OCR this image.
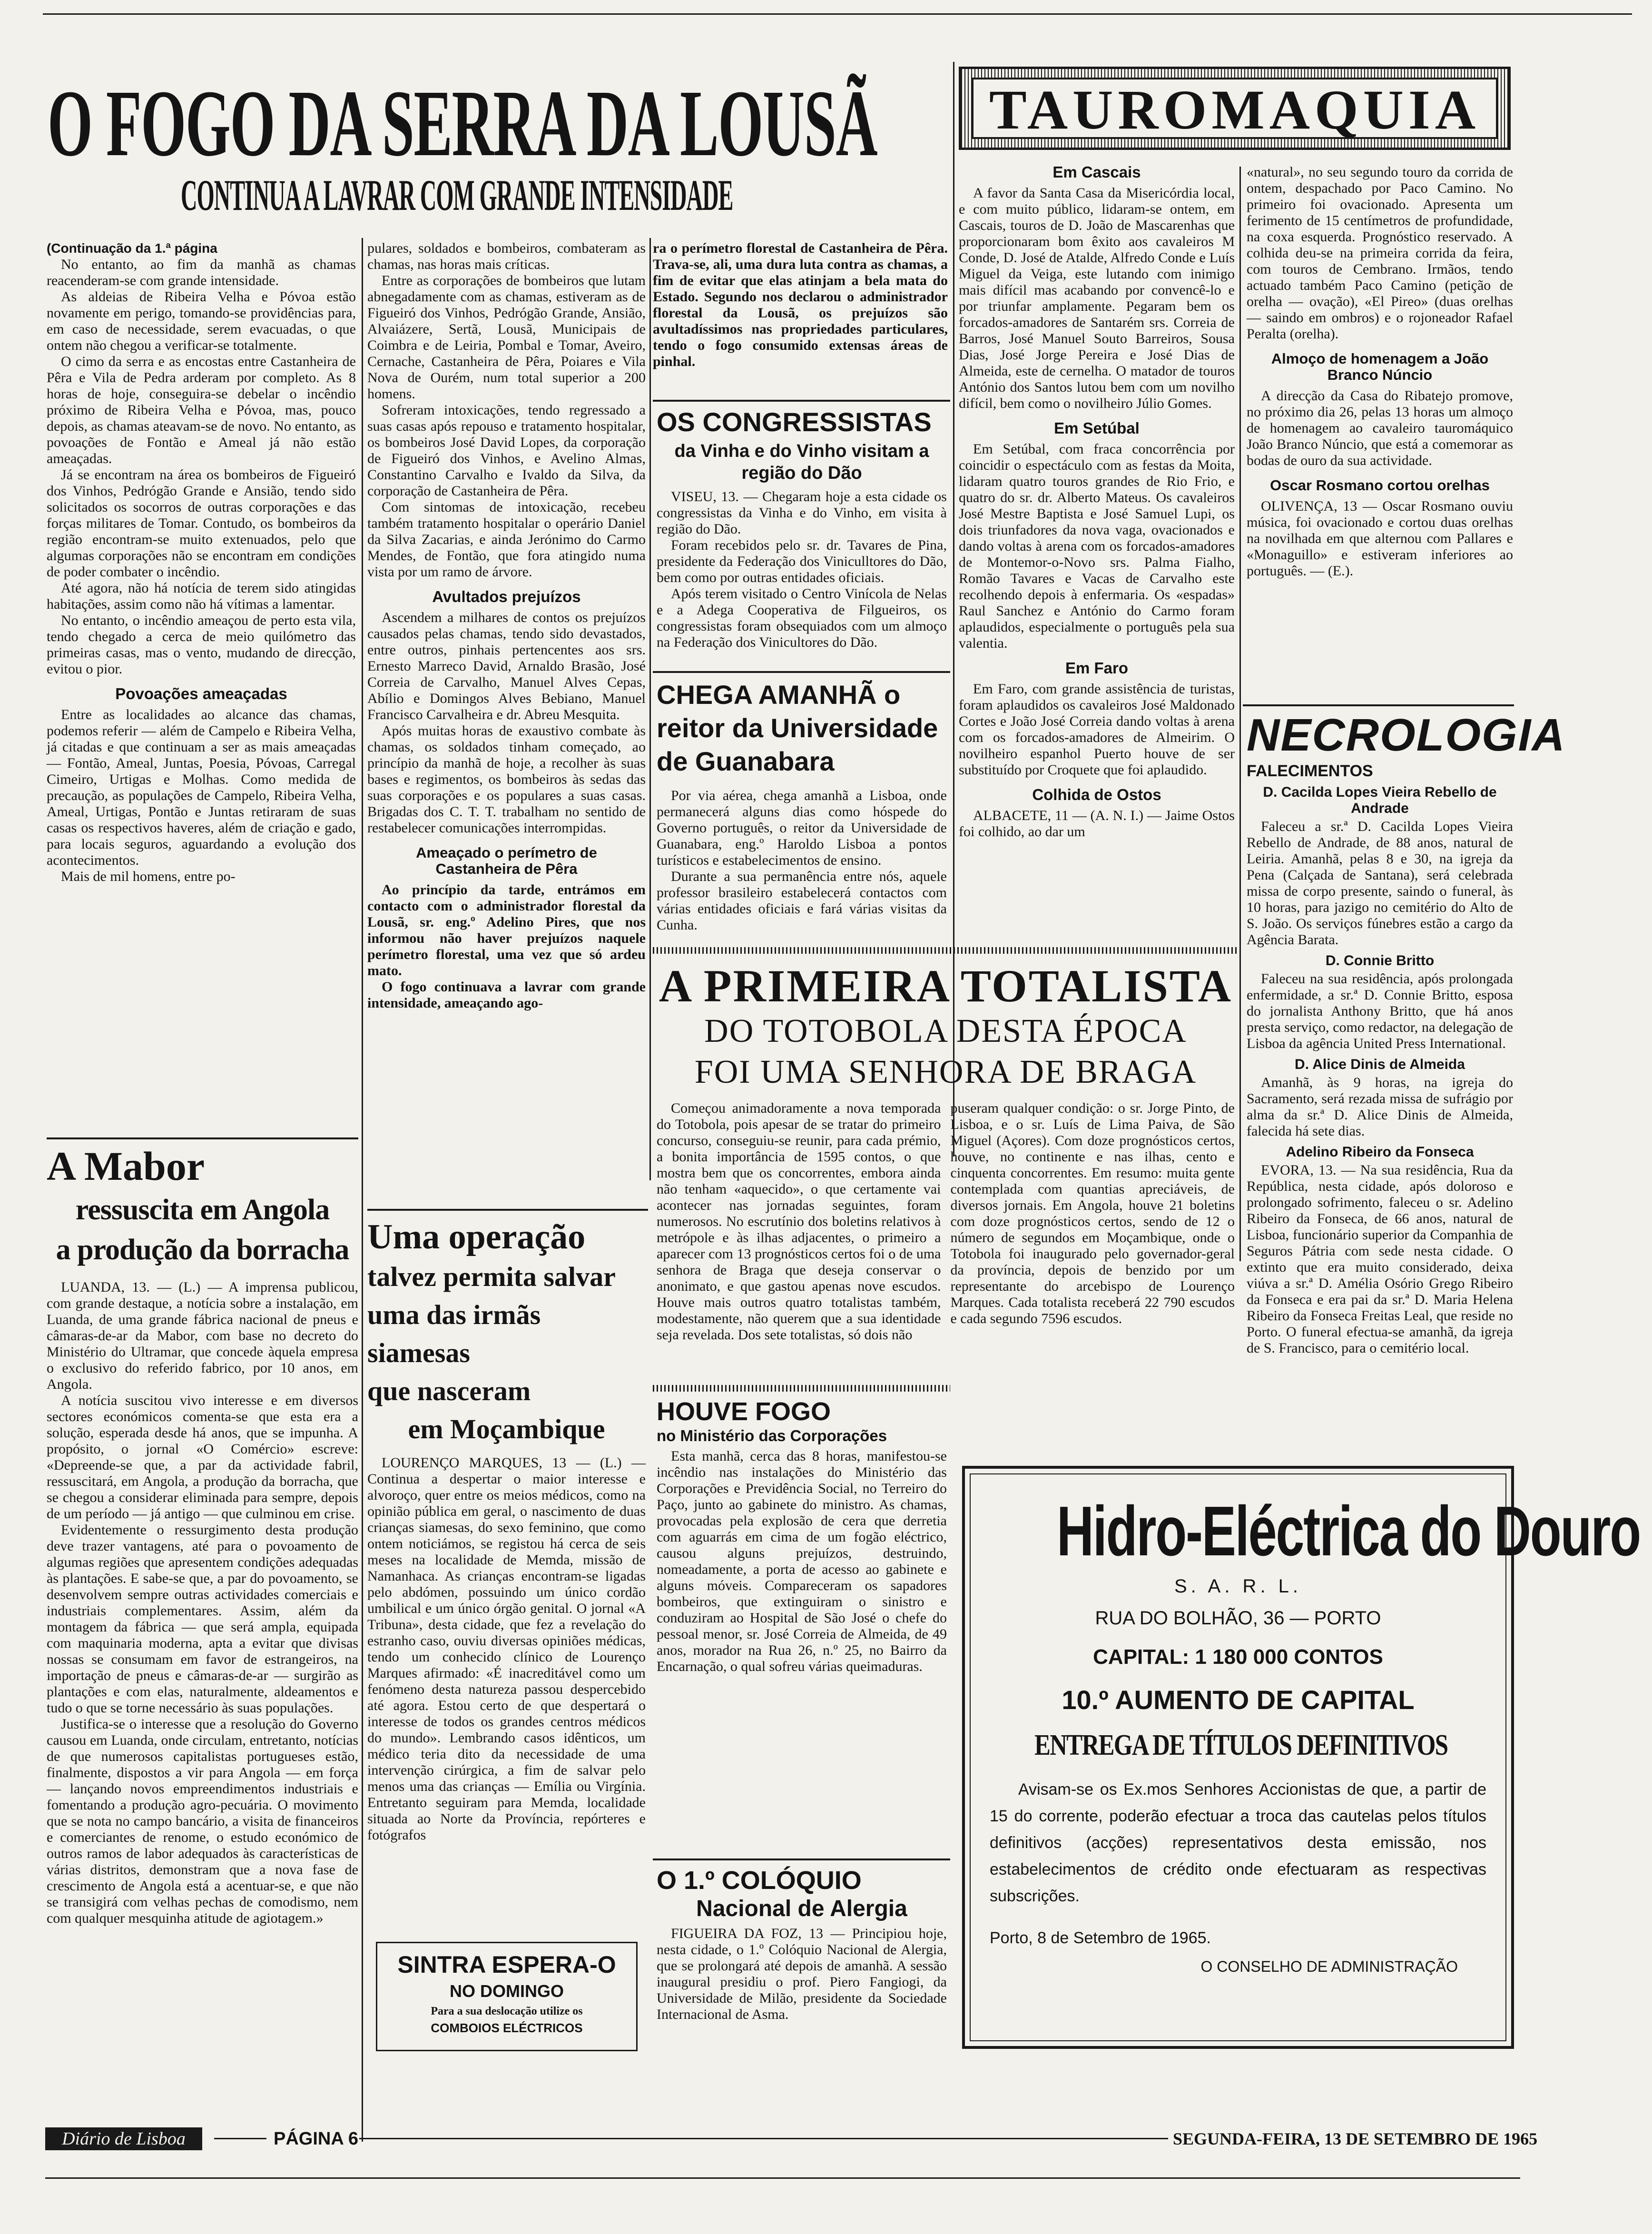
O FOGO DA SERRA DA LOUSÃ
CONTINUA A LAVRAR COM GRANDE INTENSIDADE
TAUROMAQUIA

(Continuação da 1.ª página

No entanto, ao fim da manhã as chamas reacenderam-se com grande intensidade.

As aldeias de Ribeira Velha e Póvoa estão novamente em perigo, tomando-se providências para, em caso de necessidade, serem evacuadas, o que ontem não chegou a verificar-se totalmente.

O cimo da serra e as encostas entre Castanheira de Pêra e Vila de Pedra arderam por completo. As 8 horas de hoje, conseguira-se debelar o incêndio próximo de Ribeira Velha e Póvoa, mas, pouco depois, as chamas ateavam-se de novo. No entanto, as povoações de Fontão e Ameal já não estão ameaçadas.

Já se encontram na área os bombeiros de Figueiró dos Vinhos, Pedrógão Grande e Ansião, tendo sido solicitados os socorros de outras corporações e das forças militares de Tomar. Contudo, os bombeiros da região encontram-se muito extenuados, pelo que algumas corporações não se encontram em condições de poder combater o incêndio.

Até agora, não há notícia de terem sido atingidas habitações, assim como não há vítimas a lamentar.

No entanto, o incêndio ameaçou de perto esta vila, tendo chegado a cerca de meio quilómetro das primeiras casas, mas o vento, mudando de direcção, evitou o pior.

Povoações ameaçadas

Entre as localidades ao alcance das chamas, podemos referir — além de Campelo e Ribeira Velha, já citadas e que continuam a ser as mais ameaçadas — Fontão, Ameal, Juntas, Poesia, Póvoas, Carregal Cimeiro, Urtigas e Molhas. Como medida de precaução, as populações de Campelo, Ribeira Velha, Ameal, Urtigas, Pontão e Juntas retiraram de suas casas os respectivos haveres, além de criação e gado, para locais seguros, aguardando a evolução dos acontecimentos.

Mais de mil homens, entre po-

pulares, soldados e bombeiros, combateram as chamas, nas horas mais críticas.

Entre as corporações de bombeiros que lutam abnegadamente com as chamas, estiveram as de Figueiró dos Vinhos, Pedrógão Grande, Ansião, Alvaiázere, Sertã, Lousã, Municipais de Coimbra e de Leiria, Pombal e Tomar, Aveiro, Cernache, Castanheira de Pêra, Poiares e Vila Nova de Ourém, num total superior a 200 homens.

Sofreram intoxicações, tendo regressado a suas casas após repouso e tratamento hospitalar, os bombeiros José David Lopes, da corporação de Figueiró dos Vinhos, e Avelino Almas, Constantino Carvalho e Ivaldo da Silva, da corporação de Castanheira de Pêra.

Com sintomas de intoxicação, recebeu também tratamento hospitalar o operário Daniel da Silva Zacarias, e ainda Jerónimo do Carmo Mendes, de Fontão, que fora atingido numa vista por um ramo de árvore.

Avultados prejuízos

Ascendem a milhares de contos os prejuízos causados pelas chamas, tendo sido devastados, entre outros, pinhais pertencentes aos srs. Ernesto Marreco David, Arnaldo Brasão, José Correia de Carvalho, Manuel Alves Cepas, Abílio e Domingos Alves Bebiano, Manuel Francisco Carvalheira e dr. Abreu Mesquita.

Após muitas horas de exaustivo combate às chamas, os soldados tinham começado, ao princípio da manhã de hoje, a recolher às suas bases e regimentos, os bombeiros às sedas das suas corporações e os populares a suas casas. Brigadas dos C. T. T. trabalham no sentido de restabelecer comunicações interrompidas.

Ameaçado o perímetro de Castanheira de Pêra

Ao princípio da tarde, entrámos em contacto com o administrador florestal da Lousã, sr. eng.º Adelino Pires, que nos informou não haver prejuízos naquele perímetro florestal, uma vez que só ardeu mato.

O fogo continuava a lavrar com grande intensidade, ameaçando ago-

ra o perímetro florestal de Castanheira de Pêra. Trava-se, ali, uma dura luta contra as chamas, a fim de evitar que elas atinjam a bela mata do Estado. Segundo nos declarou o administrador florestal da Lousã, os prejuízos são avultadíssimos nas propriedades particulares, tendo o fogo consumido extensas áreas de pinhal.

OS CONGRESSISTAS
da Vinha e do Vinho visitam a região do Dão

VISEU, 13. — Chegaram hoje a esta cidade os congressistas da Vinha e do Vinho, em visita à região do Dão.

Foram recebidos pelo sr. dr. Tavares de Pina, presidente da Federação dos Viniculltores do Dão, bem como por outras entidades oficiais.

Após terem visitado o Centro Vinícola de Nelas e a Adega Cooperativa de Filgueiros, os congressistas foram obsequiados com um almoço na Federação dos Vinicultores do Dão.

CHEGA AMANHÃ o reitor da Universidade de Guanabara

Por via aérea, chega amanhã a Lisboa, onde permanecerá alguns dias como hóspede do Governo português, o reitor da Universidade de Guanabara, eng.º Haroldo Lisboa a pontos turísticos e estabelecimentos de ensino.

Durante a sua permanência entre nós, aquele professor brasileiro estabelecerá contactos com várias entidades oficiais e fará várias visitas da Cunha.

Em Cascais

A favor da Santa Casa da Misericórdia local, e com muito público, lidaram-se ontem, em Cascais, touros de D. João de Mascarenhas que proporcionaram bom êxito aos cavaleiros M Conde, D. José de Atalde, Alfredo Conde e Luís Miguel da Veiga, este lutando com inimigo mais difícil mas acabando por convencê-lo e por triunfar amplamente. Pegaram bem os forcados-amadores de Santarém srs. Correia de Barros, José Manuel Souto Barreiros, Sousa Dias, José Jorge Pereira e José Dias de Almeida, este de cernelha. O matador de touros António dos Santos lutou bem com um novilho difícil, bem como o novilheiro Júlio Gomes.

Em Setúbal

Em Setúbal, com fraca concorrência por coincidir o espectáculo com as festas da Moita, lidaram quatro touros grandes de Rio Frio, e quatro do sr. dr. Alberto Mateus. Os cavaleiros José Mestre Baptista e José Samuel Lupi, os dois triunfadores da nova vaga, ovacionados e dando voltas à arena com os forcados-amadores de Montemor-o-Novo srs. Palma Fialho, Romão Tavares e Vacas de Carvalho este recolhendo depois à enfermaria. Os «espadas» Raul Sanchez e António do Carmo foram aplaudidos, especialmente o português pela sua valentia.

Em Faro

Em Faro, com grande assistência de turistas, foram aplaudidos os cavaleiros José Maldonado Cortes e João José Correia dando voltas à arena com os forcados-amadores de Almeirim. O novilheiro espanhol Puerto houve de ser substituído por Croquete que foi aplaudido.

Colhida de Ostos

ALBACETE, 11 — (A. N. I.) — Jaime Ostos foi colhido, ao dar um

«natural», no seu segundo touro da corrida de ontem, despachado por Paco Camino. No primeiro foi ovacionado. Apresenta um ferimento de 15 centímetros de profundidade, na coxa esquerda. Prognóstico reservado. A colhida deu-se na primeira corrida da feira, com touros de Cembrano. Irmãos, tendo actuado também Paco Camino (petição de orelha — ovação), «El Pireo» (duas orelhas — saindo em ombros) e o rojoneador Rafael Peralta (orelha).

Almoço de homenagem a João Branco Núncio

A direcção da Casa do Ribatejo promove, no próximo dia 26, pelas 13 horas um almoço de homenagem ao cavaleiro tauromáquico João Branco Núncio, que está a comemorar as bodas de ouro da sua actividade.

Oscar Rosmano cortou orelhas

OLIVENÇA, 13 — Oscar Rosmano ouviu música, foi ovacionado e cortou duas orelhas na novilhada em que alternou com Pallares e «Monaguillo» e estiveram inferiores ao português. — (E.).

NECROLOGIA
FALECIMENTOS
D. Cacilda Lopes Vieira Rebello de Andrade

Faleceu a sr.ª D. Cacilda Lopes Vieira Rebello de Andrade, de 88 anos, natural de Leiria. Amanhã, pelas 8 e 30, na igreja da Pena (Calçada de Santana), será celebrada missa de corpo presente, saindo o funeral, às 10 horas, para jazigo no cemitério do Alto de S. João. Os serviços fúnebres estão a cargo da Agência Barata.

D. Connie Britto

Faleceu na sua residência, após prolongada enfermidade, a sr.ª D. Connie Britto, esposa do jornalista Anthony Britto, que há anos presta serviço, como redactor, na delegação de Lisboa da agência United Press International.

D. Alice Dinis de Almeida

Amanhã, às 9 horas, na igreja do Sacramento, será rezada missa de sufrágio por alma da sr.ª D. Alice Dinis de Almeida, falecida há sete dias.

Adelino Ribeiro da Fonseca

EVORA, 13. — Na sua residência, Rua da República, nesta cidade, após doloroso e prolongado sofrimento, faleceu o sr. Adelino Ribeiro da Fonseca, de 66 anos, natural de Lisboa, funcionário superior da Companhia de Seguros Pátria com sede nesta cidade. O extinto que era muito considerado, deixa viúva a sr.ª D. Amélia Osório Grego Ribeiro da Fonseca e era pai da sr.ª D. Maria Helena Ribeiro da Fonseca Freitas Leal, que reside no Porto. O funeral efectua-se amanhã, da igreja de S. Francisco, para o cemitério local.

A PRIMEIRA TOTALISTA
DO TOTOBOLA DESTA ÉPOCA
FOI UMA SENHORA DE BRAGA

Começou animadoramente a nova temporada do Totobola, pois apesar de se tratar do primeiro concurso, conseguiu-se reunir, para cada prémio, a bonita importância de 1595 contos, o que mostra bem que os concorrentes, embora ainda não tenham «aquecido», o que certamente vai acontecer nas jornadas seguintes, foram numerosos. No escrutínio dos boletins relativos à metrópole e às ilhas adjacentes, o primeiro a aparecer com 13 prognósticos certos foi o de uma senhora de Braga que deseja conservar o anonimato, e que gastou apenas nove escudos. Houve mais outros quatro totalistas também, modestamente, não querem que a sua identidade seja revelada. Dos sete totalistas, só dois não

puseram qualquer condição: o sr. Jorge Pinto, de Lisboa, e o sr. Luís de Lima Paiva, de São Miguel (Açores). Com doze prognósticos certos, houve, no continente e nas ilhas, cento e cinquenta concorrentes. Em resumo: muita gente contemplada com quantias apreciáveis, de diversos jornais. Em Angola, houve 21 boletins com doze prognósticos certos, sendo de 12 o número de segundos em Moçambique, onde o Totobola foi inaugurado pelo governador-geral da província, depois de benzido por um representante do arcebispo de Lourenço Marques. Cada totalista receberá 22 790 escudos e cada segundo 7596 escudos.

A Mabor
ressuscita em Angola
a produção da borracha

LUANDA, 13. — (L.) — A imprensa publicou, com grande destaque, a notícia sobre a instalação, em Luanda, de uma grande fábrica nacional de pneus e câmaras-de-ar da Mabor, com base no decreto do Ministério do Ultramar, que concede àquela empresa o exclusivo do referido fabrico, por 10 anos, em Angola.

A notícia suscitou vivo interesse e em diversos sectores económicos comenta-se que esta era a solução, esperada desde há anos, que se impunha. A propósito, o jornal «O Comércio» escreve: «Depreende-se que, a par da actividade fabril, ressuscitará, em Angola, a produção da borracha, que se chegou a considerar eliminada para sempre, depois de um período — já antigo — que culminou em crise.

Evidentemente o ressurgimento desta produção deve trazer vantagens, até para o povoamento de algumas regiões que apresentem condições adequadas às plantações. E sabe-se que, a par do povoamento, se desenvolvem sempre outras actividades comerciais e industriais complementares. Assim, além da montagem da fábrica — que será ampla, equipada com maquinaria moderna, apta a evitar que divisas nossas se consumam em favor de estrangeiros, na importação de pneus e câmaras-de-ar — surgirão as plantações e com elas, naturalmente, aldeamentos e tudo o que se torne necessário às suas populações.

Justifica-se o interesse que a resolução do Governo causou em Luanda, onde circulam, entretanto, notícias de que numerosos capitalistas portugueses estão, finalmente, dispostos a vir para Angola — em força — lançando novos empreendimentos industriais e fomentando a produção agro-pecuária. O movimento que se nota no campo bancário, a visita de financeiros e comerciantes de renome, o estudo económico de outros ramos de labor adequados às características de várias distritos, demonstram que a nova fase de crescimento de Angola está a acentuar-se, e que não se transigirá com velhas pechas de comodismo, nem com qualquer mesquinha atitude de agiotagem.»

Uma operação
talvez permita salvar
uma das irmãs siamesas
que nasceram
em Moçambique

LOURENÇO MARQUES, 13 — (L.) — Continua a despertar o maior interesse e alvoroço, quer entre os meios médicos, como na opinião pública em geral, o nascimento de duas crianças siamesas, do sexo feminino, que como ontem noticiámos, se registou há cerca de seis meses na localidade de Memda, missão de Namanhaca. As crianças encontram-se ligadas pelo abdómen, possuindo um único cordão umbilical e um único órgão genital. O jornal «A Tribuna», desta cidade, que fez a revelação do estranho caso, ouviu diversas opiniões médicas, tendo um conhecido clínico de Lourenço Marques afirmado: «É inacreditável como um fenómeno desta natureza passou despercebido até agora. Estou certo de que despertará o interesse de todos os grandes centros médicos do mundo». Lembrando casos idênticos, um médico teria dito da necessidade de uma intervenção cirúrgica, a fim de salvar pelo menos uma das crianças — Emília ou Virgínia. Entretanto seguiram para Memda, localidade situada ao Norte da Província, repórteres e fotógrafos

SINTRA ESPERA-O
NO DOMINGO
Para a sua deslocação utilize os
COMBOIOS ELÉCTRICOS
HOUVE FOGO
no Ministério das Corporações

Esta manhã, cerca das 8 horas, manifestou-se incêndio nas instalações do Ministério das Corporações e Previdência Social, no Terreiro do Paço, junto ao gabinete do ministro. As chamas, provocadas pela explosão de cera que derretia com aguarrás em cima de um fogão eléctrico, causou alguns prejuízos, destruindo, nomeadamente, a porta de acesso ao gabinete e alguns móveis. Compareceram os sapadores bombeiros, que extinguiram o sinistro e conduziram ao Hospital de São José o chefe do pessoal menor, sr. José Correia de Almeida, de 49 anos, morador na Rua 26, n.º 25, no Bairro da Encarnação, o qual sofreu várias queimaduras.

O 1.º COLÓQUIO
Nacional de Alergia

FIGUEIRA DA FOZ, 13 — Principiou hoje, nesta cidade, o 1.º Colóquio Nacional de Alergia, que se prolongará até depois de amanhã. A sessão inaugural presidiu o prof. Piero Fangiogi, da Universidade de Milão, presidente da Sociedade Internacional de Asma.

Hidro-Eléctrica do Douro
S. A. R. L.
RUA DO BOLHÃO, 36 — PORTO
CAPITAL: 1 180 000 CONTOS
10.º AUMENTO DE CAPITAL
ENTREGA DE TÍTULOS DEFINITIVOS
Avisam-se os Ex.mos Senhores Accionistas de que, a partir de 15 do corrente, poderão efectuar a troca das cautelas pelos títulos definitivos (acções) representativos desta emissão, nos estabelecimentos de crédito onde efectuaram as respectivas subscrições.
Porto, 8 de Setembro de 1965.
O CONSELHO DE ADMINISTRAÇÃO
Diário de Lisboa	PÁGINA 6	SEGUNDA-FEIRA, 13 DE SETEMBRO DE 1965
